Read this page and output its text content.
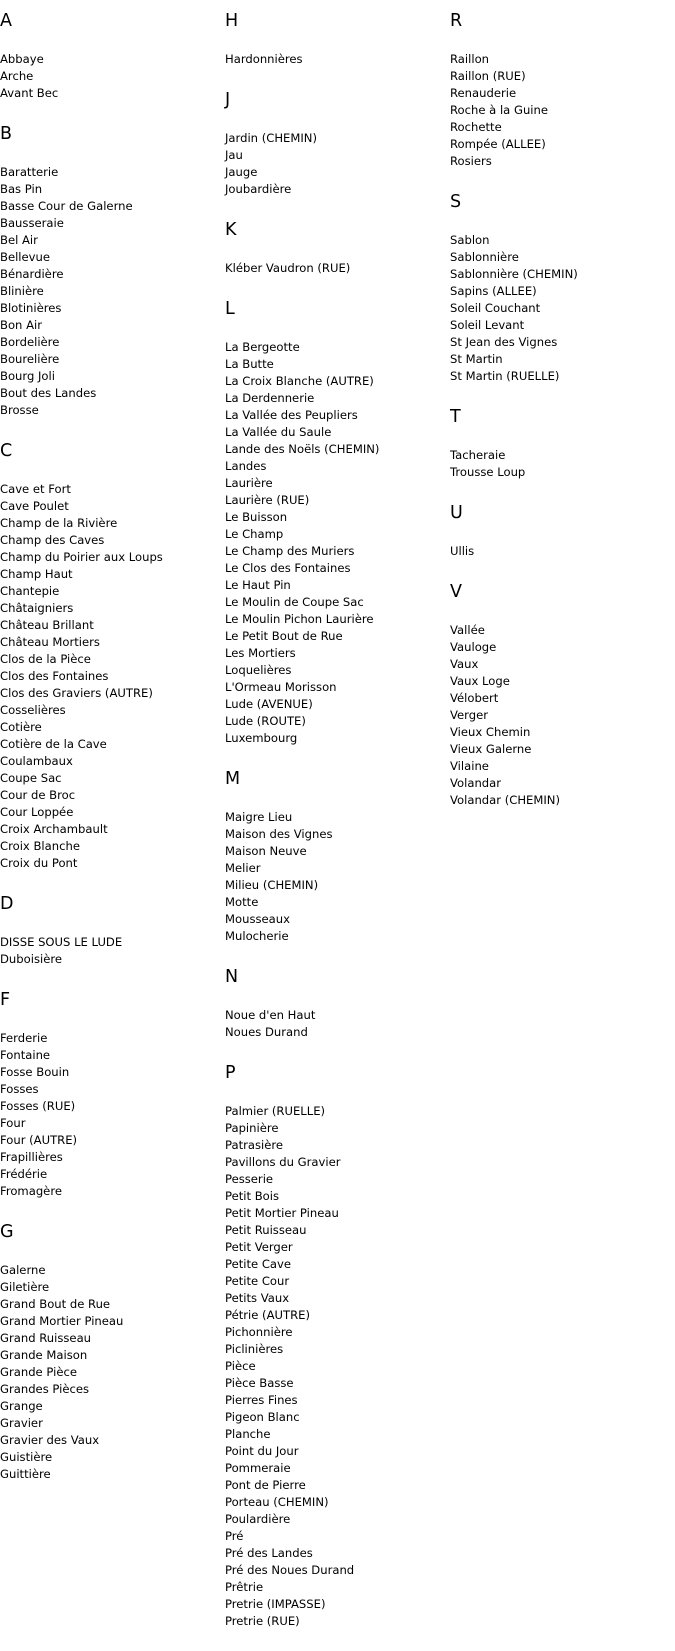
A
Abbaye
Arche
Avant Bec
B
Baratterie
Bas Pin
Basse Cour de Galerne
Bausseraie
Bel Air
Bellevue
Bénardière
Blinière
Blotinières
Bon Air
Bordelière
Bourelière
Bourg Joli
Bout des Landes
Brosse
C
Cave et Fort
Cave Poulet
Champ de la Rivière
Champ des Caves
Champ du Poirier aux Loups
Champ Haut
Chantepie
Châtaigniers
Château Brillant
Château Mortiers
Clos de la Pièce
Clos des Fontaines
Clos des Graviers (AUTRE)
Cosselières
Cotière
Cotière de la Cave
Coulambaux
Coupe Sac
Cour de Broc
Cour Loppée
Croix Archambault
Croix Blanche
Croix du Pont
D
DISSE SOUS LE LUDE
Duboisière
F
Ferderie
Fontaine
Fosse Bouin
Fosses
Fosses (RUE)
Four
Four (AUTRE)
Frapillières
Frédérie
Fromagère
G
Galerne
Giletière
Grand Bout de Rue
Grand Mortier Pineau
Grand Ruisseau
Grande Maison
Grande Pièce
Grandes Pièces
Grange
Gravier
Gravier des Vaux
Guistière
Guittière
H
Hardonnières
J
Jardin (CHEMIN)
Jau
Jauge
Joubardière
K
Kléber Vaudron (RUE)
L
La Bergeotte
La Butte
La Croix Blanche (AUTRE)
La Derdennerie
La Vallée des Peupliers
La Vallée du Saule
Lande des Noëls (CHEMIN)
Landes
Laurière
Laurière (RUE)
Le Buisson
Le Champ
Le Champ des Muriers
Le Clos des Fontaines
Le Haut Pin
Le Moulin de Coupe Sac
Le Moulin Pichon Laurière
Le Petit Bout de Rue
Les Mortiers
Loquelières
L'Ormeau Morisson
Lude (AVENUE)
Lude (ROUTE)
Luxembourg
M
Maigre Lieu
Maison des Vignes
Maison Neuve
Melier
Milieu (CHEMIN)
Motte
Mousseaux
Mulocherie
N
Noue d'en Haut
Noues Durand
P
Palmier (RUELLE)
Papinière
Patrasière
Pavillons du Gravier
Pesserie
Petit Bois
Petit Mortier Pineau
Petit Ruisseau
Petit Verger
Petite Cave
Petite Cour
Petits Vaux
Pétrie (AUTRE)
Pichonnière
Piclinières
Pièce
Pièce Basse
Pierres Fines
Pigeon Blanc
Planche
Point du Jour
Pommeraie
Pont de Pierre
Porteau (CHEMIN)
Poulardière
Pré
Pré des Landes
Pré des Noues Durand
Prêtrie
Pretrie (IMPASSE)
Pretrie (RUE)
R
Raillon
Raillon (RUE)
Renauderie
Roche à la Guine
Rochette
Rompée (ALLEE)
Rosiers
S
Sablon
Sablonnière
Sablonnière (CHEMIN)
Sapins (ALLEE)
Soleil Couchant
Soleil Levant
St Jean des Vignes
St Martin
St Martin (RUELLE)
T
Tacheraie
Trousse Loup
U
Ullis
V
Vallée
Vauloge
Vaux
Vaux Loge
Vélobert
Verger
Vieux Chemin
Vieux Galerne
Vilaine
Volandar
Volandar (CHEMIN)
